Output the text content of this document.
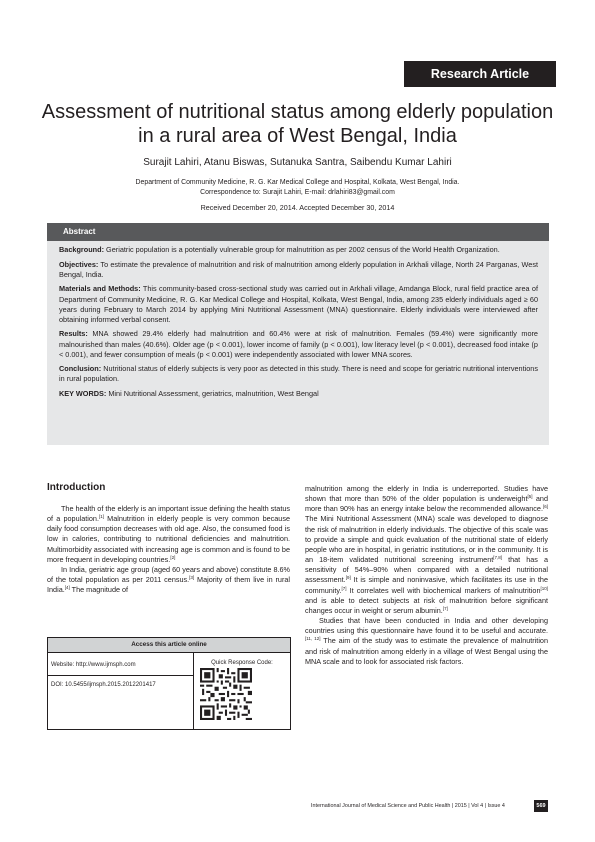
Research Article
Assessment of nutritional status among elderly population
in a rural area of West Bengal, India
Surajit Lahiri, Atanu Biswas, Sutanuka Santra, Saibendu Kumar Lahiri
Department of Community Medicine, R. G. Kar Medical College and Hospital, Kolkata, West Bengal, India.
Correspondence to: Surajit Lahiri, E-mail: drlahiri83@gmail.com
Received December 20, 2014. Accepted December 30, 2014
Abstract

Background: Geriatric population is a potentially vulnerable group for malnutrition as per 2002 census of the World Health Organization.

Objectives: To estimate the prevalence of malnutrition and risk of malnutrition among elderly population in Arkhali village, North 24 Parganas, West Bengal, India.

Materials and Methods: This community-based cross-sectional study was carried out in Arkhali village, Amdanga Block, rural field practice area of Department of Community Medicine, R. G. Kar Medical College and Hospital, Kolkata, West Bengal, India, among 235 elderly individuals aged ≥ 60 years during February to March 2014 by applying Mini Nutritional Assessment (MNA) questionnaire. Elderly individuals were interviewed after obtaining informed verbal consent.

Results: MNA showed 29.4% elderly had malnutrition and 60.4% were at risk of malnutrition. Females (59.4%) were significantly more malnourished than males (40.6%). Older age (p < 0.001), lower income of family (p < 0.001), low literacy level (p < 0.001), decreased food intake (p < 0.001), and fewer consumption of meals (p < 0.001) were independently associated with lower MNA scores.

Conclusion: Nutritional status of elderly subjects is very poor as detected in this study. There is need and scope for geriatric nutritional interventions in rural population.

KEY WORDS: Mini Nutritional Assessment, geriatrics, malnutrition, West Bengal

Introduction

The health of the elderly is an important issue defining the health status of a population.[1] Malnutrition in elderly people is very common because daily food consumption decreases with old age. Also, the consumed food is low in calories, contributing to nutritional deficiencies and malnutrition. Multimorbidity associated with increasing age is common and is found to be more frequent in developing countries.[2]

In India, geriatric age group (aged 60 years and above) constitute 8.6% of the total population as per 2011 census.[3] Majority of them live in rural India.[4] The magnitude of

malnutrition among the elderly in India is underreported. Studies have shown that more than 50% of the older population is underweight[5] and more than 90% has an energy intake below the recommended allowance.[6] The Mini Nutritional Assessment (MNA) scale was developed to diagnose the risk of malnutrition in elderly individuals. The objective of this scale was to provide a simple and quick evaluation of the nutritional state of elderly people who are in hospital, in geriatric institutions, or in the community. It is an 18-item validated nutritional screening instrument[7,8] that has a sensitivity of 54%–90% when compared with a detailed nutritional assessment.[9] It is simple and noninvasive, which facilitates its use in the community.[7] It correlates well with biochemical markers of malnutrition[10] and is able to detect subjects at risk of malnutrition before significant changes occur in weight or serum albumin.[7]

Studies that have been conducted in India and other developing countries using this questionnaire have found it to be useful and accurate.[11, 12] The aim of the study was to estimate the prevalence of malnutrition and risk of malnutrition among elderly in a village of West Bengal using the MNA scale and to look for associated risk factors.

Access this article online
Website: http://www.ijmsph.com
DOI: 10.5455/ijmsph.2015.2012201417
Quick Response Code:
International Journal of Medical Science and Public Health | 2015 | Vol 4 | Issue 4	569
